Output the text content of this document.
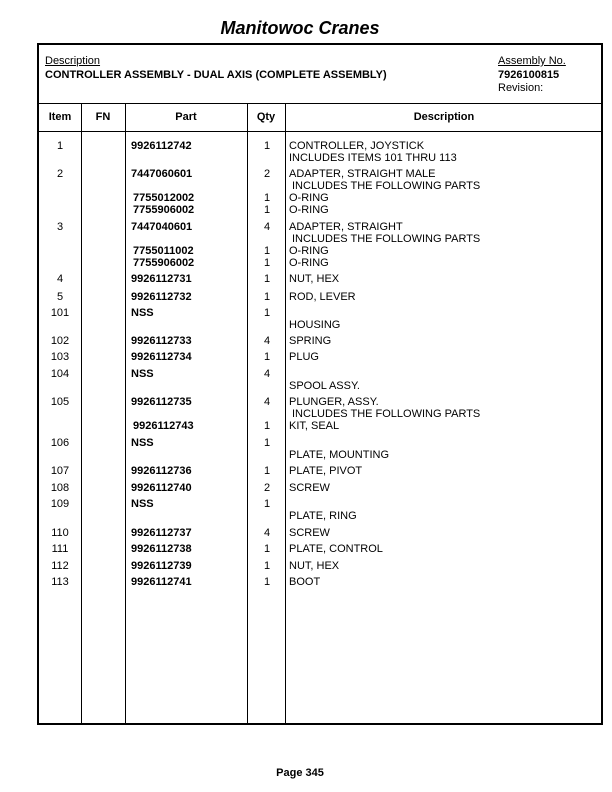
Manitowoc Cranes
Description
CONTROLLER ASSEMBLY - DUAL AXIS (COMPLETE ASSEMBLY)
Assembly No.
7926100815
Revision:
Item	FN	Part	Qty	Description
1	9926112742	1	CONTROLLER, JOYSTICK
INCLUDES ITEMS 101 THRU 113
2	7447060601	2	ADAPTER, STRAIGHT MALE
INCLUDES THE FOLLOWING PARTS
7755012002	1	O-RING
7755906002	1	O-RING
3	7447040601	4	ADAPTER, STRAIGHT
INCLUDES THE FOLLOWING PARTS
7755011002	1	O-RING
7755906002	1	O-RING
4	9926112731	1	NUT, HEX
5	9926112732	1	ROD, LEVER
101	NSS	1
HOUSING
102	9926112733	4	SPRING
103	9926112734	1	PLUG
104	NSS	4
SPOOL ASSY.
105	9926112735	4	PLUNGER, ASSY.
INCLUDES THE FOLLOWING PARTS
9926112743	1	KIT, SEAL
106	NSS	1
PLATE, MOUNTING
107	9926112736	1	PLATE, PIVOT
108	9926112740	2	SCREW
109	NSS	1
PLATE, RING
110	9926112737	4	SCREW
111	9926112738	1	PLATE, CONTROL
112	9926112739	1	NUT, HEX
113	9926112741	1	BOOT
Page 345
